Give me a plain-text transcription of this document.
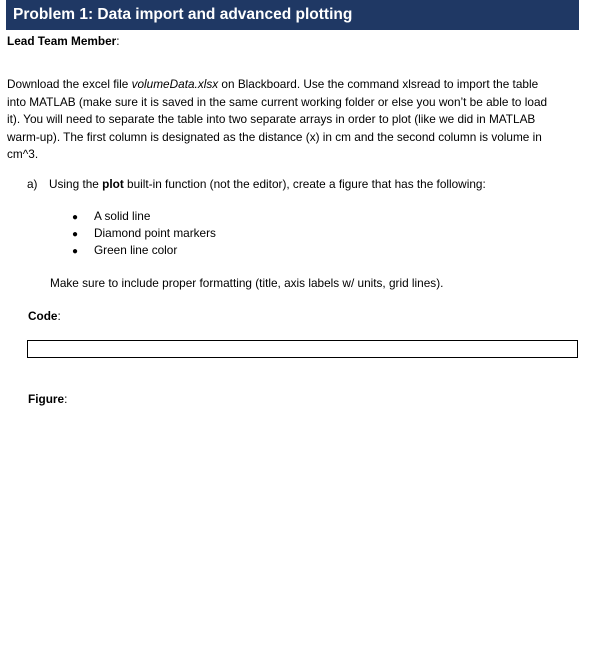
Problem 1: Data import and advanced plotting
Lead Team Member:
Download the excel file volumeData.xlsx on Blackboard. Use the command xlsread to import the table
into MATLAB (make sure it is saved in the same current working folder or else you won’t be able to load
it). You will need to separate the table into two separate arrays in order to plot (like we did in MATLAB
warm-up). The first column is designated as the distance (x) in cm and the second column is volume in
cm^3.
a) Using the plot built-in function (not the editor), create a figure that has the following:
● A solid line
● Diamond point markers
● Green line color
Make sure to include proper formatting (title, axis labels w/ units, grid lines).
Code:
Figure:
